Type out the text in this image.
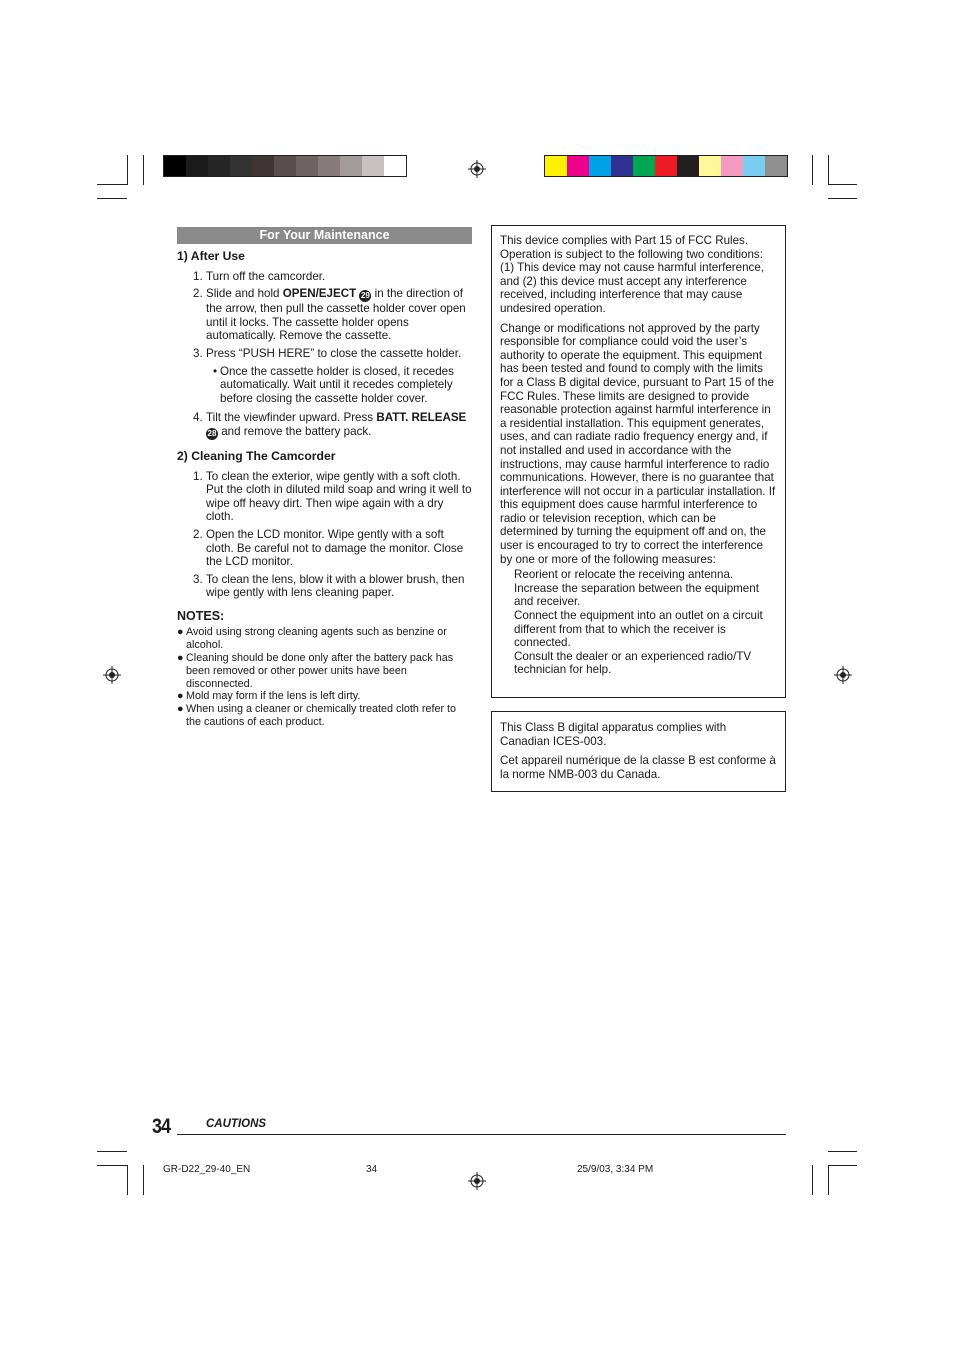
For Your Maintenance
1) After Use
1. Turn off the camcorder.
2. Slide and hold OPEN/EJECT 29 in the direction of the arrow, then pull the cassette holder cover open until it locks. The cassette holder opens automatically. Remove the cassette.
3. Press “PUSH HERE” to close the cassette holder.
• Once the cassette holder is closed, it recedes automatically. Wait until it recedes completely before closing the cassette holder cover.
4. Tilt the viewfinder upward. Press BATT. RELEASE 28 and remove the battery pack.
2) Cleaning The Camcorder
1. To clean the exterior, wipe gently with a soft cloth. Put the cloth in diluted mild soap and wring it well to wipe off heavy dirt. Then wipe again with a dry cloth.
2. Open the LCD monitor. Wipe gently with a soft cloth. Be careful not to damage the monitor. Close the LCD monitor.
3. To clean the lens, blow it with a blower brush, then wipe gently with lens cleaning paper.
NOTES:
● Avoid using strong cleaning agents such as benzine or alcohol.
● Cleaning should be done only after the battery pack has been removed or other power units have been disconnected.
● Mold may form if the lens is left dirty.
● When using a cleaner or chemically treated cloth refer to the cautions of each product.

This device complies with Part 15 of FCC Rules. Operation is subject to the following two conditions: (1) This device may not cause harmful interference, and (2) this device must accept any interference received, including interference that may cause undesired operation.

Change or modifications not approved by the party responsible for compliance could void the user’s authority to operate the equipment. This equipment has been tested and found to comply with the limits for a Class B digital device, pursuant to Part 15 of the FCC Rules. These limits are designed to provide reasonable protection against harmful interference in a residential installation. This equipment generates, uses, and can radiate radio frequency energy and, if not installed and used in accordance with the instructions, may cause harmful interference to radio communications. However, there is no guarantee that interference will not occur in a particular installation. If this equipment does cause harmful interference to radio or television reception, which can be determined by turning the equipment off and on, the user is encouraged to try to correct the interference by one or more of the following measures:

Reorient or relocate the receiving antenna.
Increase the separation between the equipment and receiver.
Connect the equipment into an outlet on a circuit different from that to which the receiver is connected.
Consult the dealer or an experienced radio/TV technician for help.

This Class B digital apparatus complies with Canadian ICES-003.

Cet appareil numérique de la classe B est conforme à la norme NMB-003 du Canada.

34	CAUTIONS
GR-D22_29-40_EN	34	25/9/03, 3:34 PM
